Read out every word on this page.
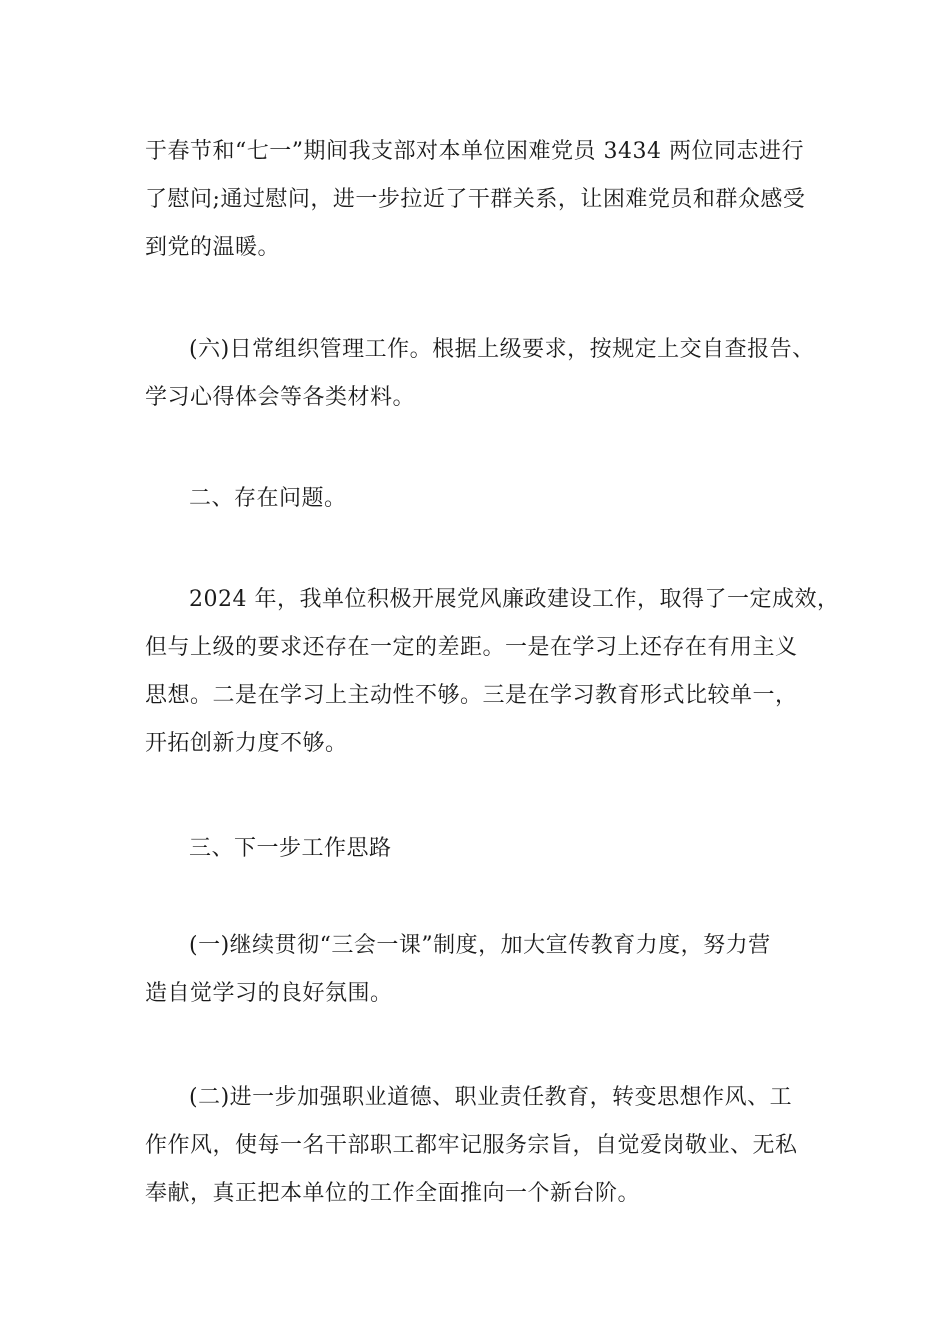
于春节和“七一”期间我支部对本单位困难党员 3434 两位同志进行
了慰问;通过慰问，进一步拉近了干群关系，让困难党员和群众感受
到党的温暖。
(六)日常组织管理工作。根据上级要求，按规定上交自查报告、
学习心得体会等各类材料。
二、存在问题。
2024 年，我单位积极开展党风廉政建设工作，取得了一定成效，
但与上级的要求还存在一定的差距。一是在学习上还存在有用主义
思想。二是在学习上主动性不够。三是在学习教育形式比较单一，
开拓创新力度不够。
三、下一步工作思路
(一)继续贯彻“三会一课”制度，加大宣传教育力度，努力营
造自觉学习的良好氛围。
(二)进一步加强职业道德、职业责任教育，转变思想作风、工
作作风，使每一名干部职工都牢记服务宗旨，自觉爱岗敬业、无私
奉献，真正把本单位的工作全面推向一个新台阶。
